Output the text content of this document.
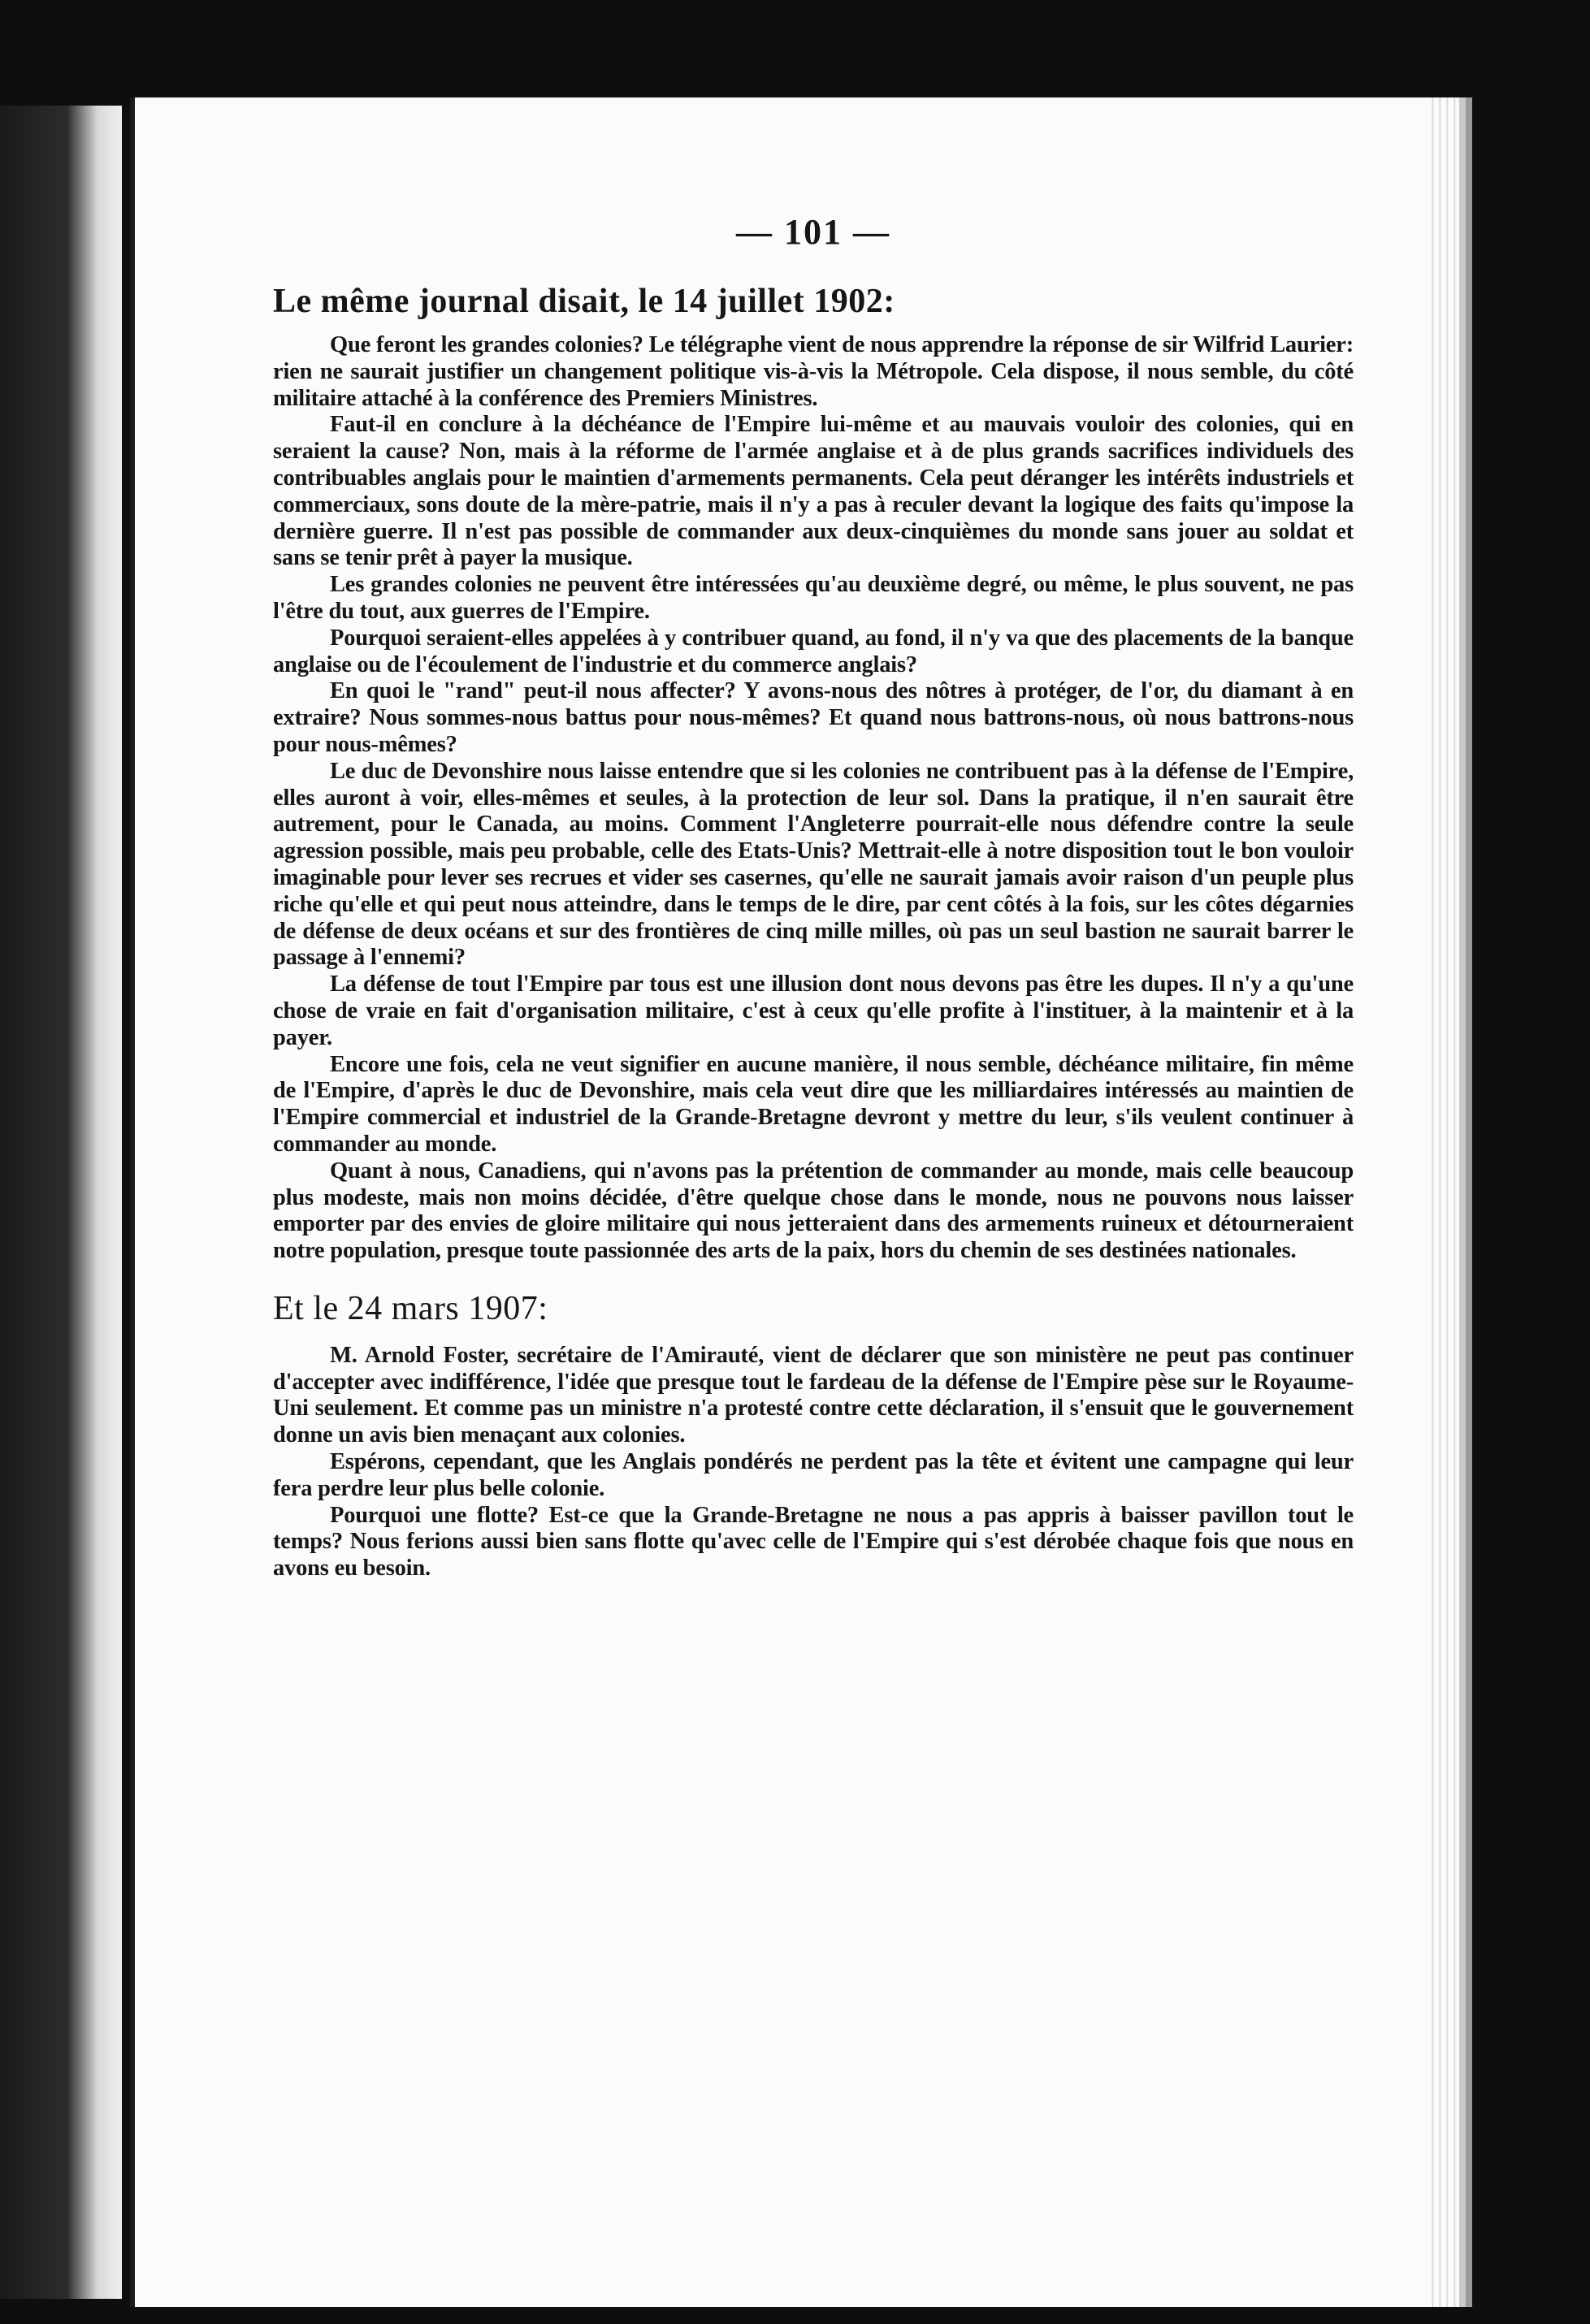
— 101 —
Le même journal disait, le 14 juillet 1902:

Que feront les grandes colonies? Le télégraphe vient de nous apprendre la réponse de sir Wilfrid Laurier: rien ne saurait justifier un changement politique vis-à-vis la Métropole. Cela dispose, il nous semble, du côté militaire attaché à la conférence des Premiers Ministres.

Faut-il en conclure à la déchéance de l'Empire lui-même et au mauvais vouloir des colonies, qui en seraient la cause? Non, mais à la réforme de l'armée anglaise et à de plus grands sacrifices individuels des contribuables anglais pour le maintien d'armements permanents. Cela peut déranger les intérêts industriels et commerciaux, sons doute de la mère-patrie, mais il n'y a pas à reculer devant la logique des faits qu'impose la dernière guerre. Il n'est pas possible de commander aux deux-cinquièmes du monde sans jouer au soldat et sans se tenir prêt à payer la musique.

Les grandes colonies ne peuvent être intéressées qu'au deuxième degré, ou même, le plus souvent, ne pas l'être du tout, aux guerres de l'Empire.

Pourquoi seraient-elles appelées à y contribuer quand, au fond, il n'y va que des placements de la banque anglaise ou de l'écoulement de l'industrie et du commerce anglais?

En quoi le "rand" peut-il nous affecter? Y avons-nous des nôtres à protéger, de l'or, du diamant à en extraire? Nous sommes-nous battus pour nous-mêmes? Et quand nous battrons-nous, où nous battrons-nous pour nous-mêmes?

Le duc de Devonshire nous laisse entendre que si les colonies ne contribuent pas à la défense de l'Empire, elles auront à voir, elles-mêmes et seules, à la protection de leur sol. Dans la pratique, il n'en saurait être autrement, pour le Canada, au moins. Comment l'Angleterre pourrait-elle nous défendre contre la seule agression possible, mais peu probable, celle des Etats-Unis? Mettrait-elle à notre disposition tout le bon vouloir imaginable pour lever ses recrues et vider ses casernes, qu'elle ne saurait jamais avoir raison d'un peuple plus riche qu'elle et qui peut nous atteindre, dans le temps de le dire, par cent côtés à la fois, sur les côtes dégarnies de défense de deux océans et sur des frontières de cinq mille milles, où pas un seul bastion ne saurait barrer le passage à l'ennemi?

La défense de tout l'Empire par tous est une illusion dont nous devons pas être les dupes. Il n'y a qu'une chose de vraie en fait d'organisation militaire, c'est à ceux qu'elle profite à l'instituer, à la maintenir et à la payer.

Encore une fois, cela ne veut signifier en aucune manière, il nous semble, déchéance militaire, fin même de l'Empire, d'après le duc de Devonshire, mais cela veut dire que les milliardaires intéressés au maintien de l'Empire commercial et industriel de la Grande-Bretagne devront y mettre du leur, s'ils veulent continuer à commander au monde.

Quant à nous, Canadiens, qui n'avons pas la prétention de commander au monde, mais celle beaucoup plus modeste, mais non moins décidée, d'être quelque chose dans le monde, nous ne pouvons nous laisser emporter par des envies de gloire militaire qui nous jetteraient dans des armements ruineux et détourneraient notre population, presque toute passionnée des arts de la paix, hors du chemin de ses destinées nationales.

Et le 24 mars 1907:

M. Arnold Foster, secrétaire de l'Amirauté, vient de déclarer que son ministère ne peut pas continuer d'accepter avec indifférence, l'idée que presque tout le fardeau de la défense de l'Empire pèse sur le Royaume-Uni seulement. Et comme pas un ministre n'a protesté contre cette déclaration, il s'ensuit que le gouvernement donne un avis bien menaçant aux colonies.

Espérons, cependant, que les Anglais pondérés ne perdent pas la tête et évitent une campagne qui leur fera perdre leur plus belle colonie.

Pourquoi une flotte? Est-ce que la Grande-Bretagne ne nous a pas appris à baisser pavillon tout le temps? Nous ferions aussi bien sans flotte qu'avec celle de l'Empire qui s'est dérobée chaque fois que nous en avons eu besoin.
